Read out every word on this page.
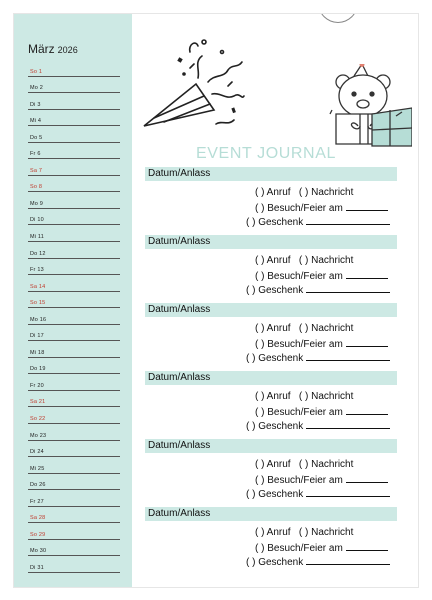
März 2026
So 1
Mo 2
Di 3
Mi 4
Do 5
Fr 6
Sa 7
So 8
Mo 9
Di 10
Mi 11
Do 12
Fr 13
Sa 14
So 15
Mo 16
Di 17
Mi 18
Do 19
Fr 20
Sa 21
So 22
Mo 23
Di 24
Mi 25
Do 26
Fr 27
Sa 28
So 29
Mo 30
Di 31
EVENT JOURNAL
Datum/Anlass
( ) Anruf ( ) Nachricht
( ) Besuch/Feier am
( ) Geschenk
Datum/Anlass
( ) Anruf ( ) Nachricht
( ) Besuch/Feier am
( ) Geschenk
Datum/Anlass
( ) Anruf ( ) Nachricht
( ) Besuch/Feier am
( ) Geschenk
Datum/Anlass
( ) Anruf ( ) Nachricht
( ) Besuch/Feier am
( ) Geschenk
Datum/Anlass
( ) Anruf ( ) Nachricht
( ) Besuch/Feier am
( ) Geschenk
Datum/Anlass
( ) Anruf ( ) Nachricht
( ) Besuch/Feier am
( ) Geschenk
